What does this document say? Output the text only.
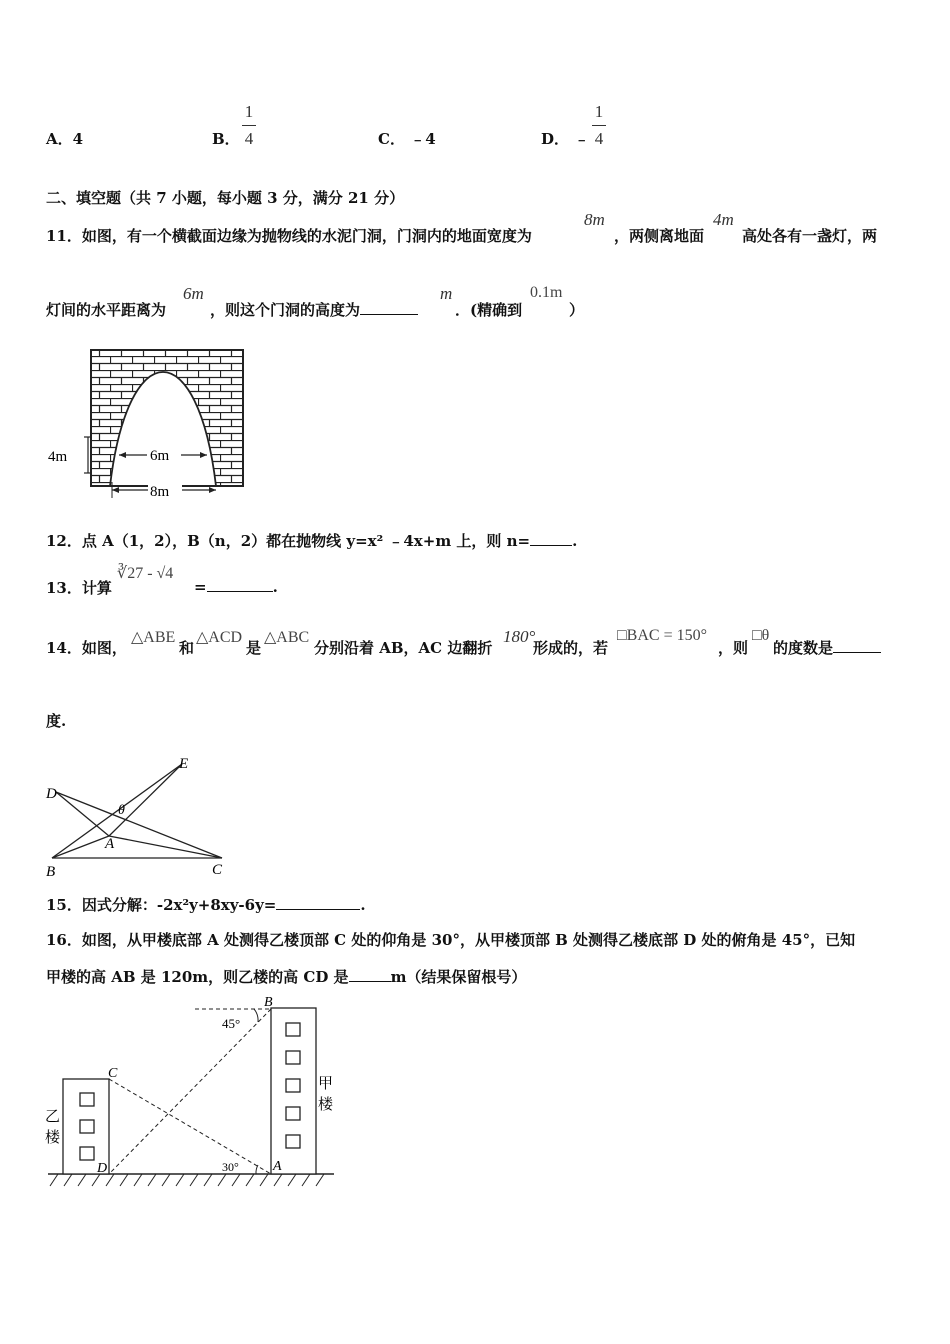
A．4	B．
1
4	C． ﹣4	D． ﹣
1
4
二、填空题（共 7 小题，每小题 3 分，满分 21 分）
11．如图，有一个横截面边缘为抛物线的水泥门洞，门洞内的地面宽度为
8m
，两侧离地面
4m
高处各有一盏灯，两
灯间的水平距离为
6m
，则这个门洞的高度为
m
．(精确到
0.1m
）
4m	6m
8m
12．点 A（1，2），B（n，2）都在抛物线 y=x² ﹣4x+m 上，则 n=	.
13．计算
∛27 - √4
=	.
14．如图，
△ABE
和
△ACD
是
△ABC
分别沿着 AB，AC 边翻折
180°
形成的，若
□BAC = 150°
，则
□θ
的度数是
度.
D
E
A
B	C
θ
15．因式分解：-2x²y+8xy-6y=	.
16．如图，从甲楼底部 A 处测得乙楼顶部 C 处的仰角是 30°，从甲楼顶部 B 处测得乙楼底部 D 处的俯角是 45°，已知
甲楼的高 AB 是 120m，则乙楼的高 CD 是	m（结果保留根号）
B
C
D	A
45°
30°
甲
楼
乙
楼
